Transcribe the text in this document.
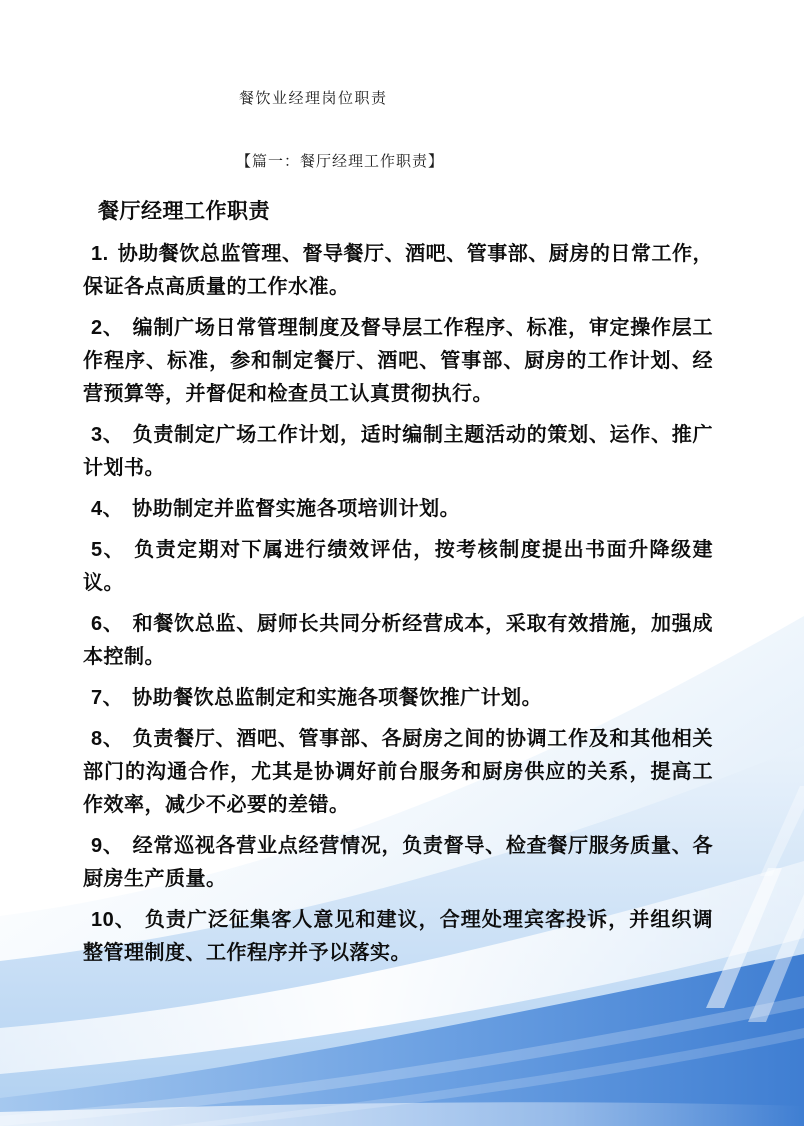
餐饮业经理岗位职责
【篇一：餐厅经理工作职责】
餐厅经理工作职责

1. 协助餐饮总监管理、督导餐厅、酒吧、管事部、厨房的日常工作，保证各点高质量的工作水准。

2、 编制广场日常管理制度及督导层工作程序、标准，审定操作层工作程序、标准，参和制定餐厅、酒吧、管事部、厨房的工作计划、经营预算等，并督促和检查员工认真贯彻执行。

3、 负责制定广场工作计划，适时编制主题活动的策划、运作、推广计划书。

4、 协助制定并监督实施各项培训计划。

5、 负责定期对下属进行绩效评估，按考核制度提出书面升降级建议。

6、 和餐饮总监、厨师长共同分析经营成本，采取有效措施，加强成本控制。

7、 协助餐饮总监制定和实施各项餐饮推广计划。

8、 负责餐厅、酒吧、管事部、各厨房之间的协调工作及和其他相关部门的沟通合作，尤其是协调好前台服务和厨房供应的关系，提高工作效率，减少不必要的差错。

9、 经常巡视各营业点经营情况，负责督导、检查餐厅服务质量、各厨房生产质量。

10、 负责广泛征集客人意见和建议，合理处理宾客投诉，并组织调整管理制度、工作程序并予以落实。
